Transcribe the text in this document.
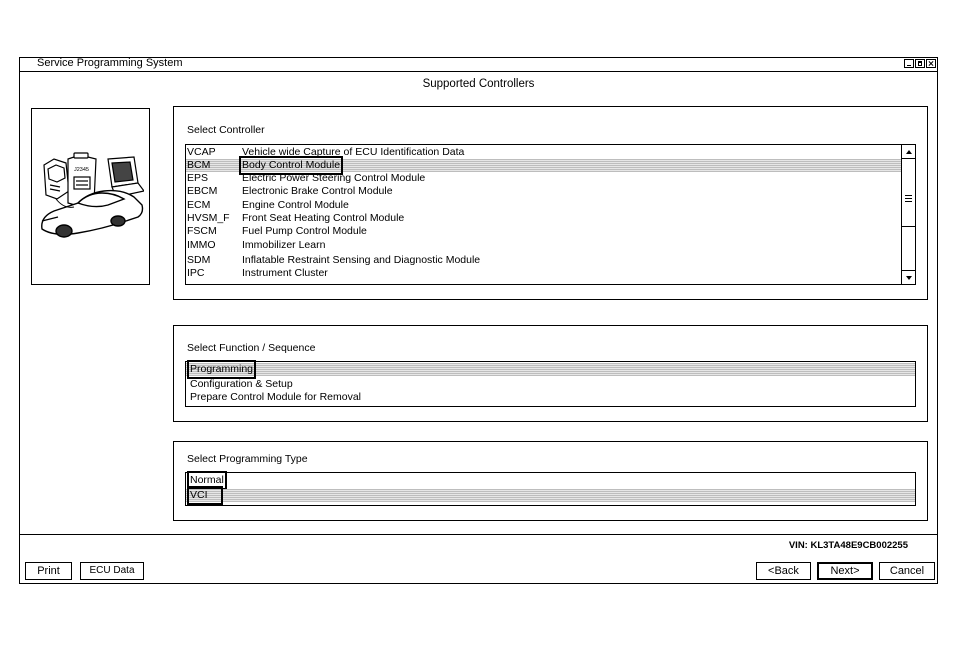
Service Programming System
Supported Controllers
J2345
Select Controller
VCAP	Vehicle wide Capture of ECU Identification Data
BCM	Body Control Module
EPS	Electric Power Steering Control Module
EBCM Electronic Brake Control Module
ECM	Engine Control Module
HVSM_F Front Seat Heating Control Module
FSCM Fuel Pump Control Module
IMMO	Immobilizer Learn
SDM	Inflatable Restraint Sensing and Diagnostic Module
IPC	Instrument Cluster
Select Function / Sequence
Programming
Configuration & Setup
Prepare Control Module for Removal
Select Programming Type
Normal
VCI
VIN: KL3TA48E9CB002255
Print	ECU Data	<Back	Next>	Cancel
